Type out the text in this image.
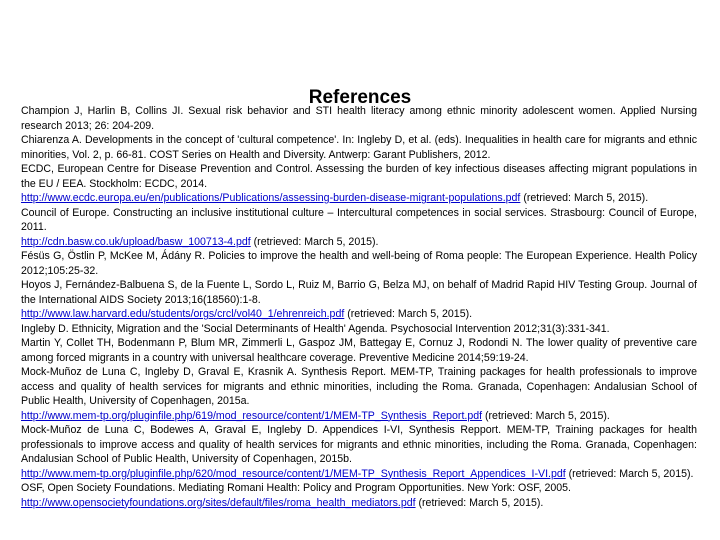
References

Champion J, Harlin B, Collins JI. Sexual risk behavior and STI health literacy among ethnic minority adolescent women. Applied Nursing research 2013; 26: 204-209.

Chiarenza A. Developments in the concept of 'cultural competence'. In: Ingleby D, et al. (eds). Inequalities in health care for migrants and ethnic minorities, Vol. 2, p. 66-81. COST Series on Health and Diversity. Antwerp: Garant Publishers, 2012.

ECDC, European Centre for Disease Prevention and Control. Assessing the burden of key infectious diseases affecting migrant populations in the EU / EEA. Stockholm: ECDC, 2014.
http://www.ecdc.europa.eu/en/publications/Publications/assessing-burden-disease-migrant-populations.pdf (retrieved: March 5, 2015).

Council of Europe. Constructing an inclusive institutional culture – Intercultural competences in social services. Strasbourg: Council of Europe, 2011.
http://cdn.basw.co.uk/upload/basw_100713-4.pdf (retrieved: March 5, 2015).

Fésüs G, Östlin P, McKee M, Ádány R. Policies to improve the health and well-being of Roma people: The European Experience. Health Policy 2012;105:25-32.

Hoyos J, Fernández-Balbuena S, de la Fuente L, Sordo L, Ruiz M, Barrio G, Belza MJ, on behalf of Madrid Rapid HIV Testing Group. Journal of the International AIDS Society 2013;16(18560):1-8.
http://www.law.harvard.edu/students/orgs/crcl/vol40_1/ehrenreich.pdf (retrieved: March 5, 2015).

Ingleby D. Ethnicity, Migration and the 'Social Determinants of Health' Agenda. Psychosocial Intervention 2012;31(3):331-341.

Martin Y, Collet TH, Bodenmann P, Blum MR, Zimmerli L, Gaspoz JM, Battegay E, Cornuz J, Rodondi N. The lower quality of preventive care among forced migrants in a country with universal healthcare coverage. Preventive Medicine 2014;59:19-24.

Mock-Muñoz de Luna C, Ingleby D, Graval E, Krasnik A. Synthesis Report. MEM-TP, Training packages for health professionals to improve access and quality of health services for migrants and ethnic minorities, including the Roma. Granada, Copenhagen: Andalusian School of Public Health, University of Copenhagen, 2015a.
http://www.mem-tp.org/pluginfile.php/619/mod_resource/content/1/MEM-TP_Synthesis_Report.pdf (retrieved: March 5, 2015).

Mock-Muñoz de Luna C, Bodewes A, Graval E, Ingleby D. Appendices I-VI, Synthesis Repport. MEM-TP, Training packages for health professionals to improve access and quality of health services for migrants and ethnic minorities, including the Roma. Granada, Copenhagen: Andalusian School of Public Health, University of Copenhagen, 2015b.
http://www.mem-tp.org/pluginfile.php/620/mod_resource/content/1/MEM-TP_Synthesis_Report_Appendices_I-VI.pdf (retrieved: March 5, 2015).

OSF, Open Society Foundations. Mediating Romani Health: Policy and Program Opportunities. New York: OSF, 2005.
http://www.opensocietyfoundations.org/sites/default/files/roma_health_mediators.pdf (retrieved: March 5, 2015).
